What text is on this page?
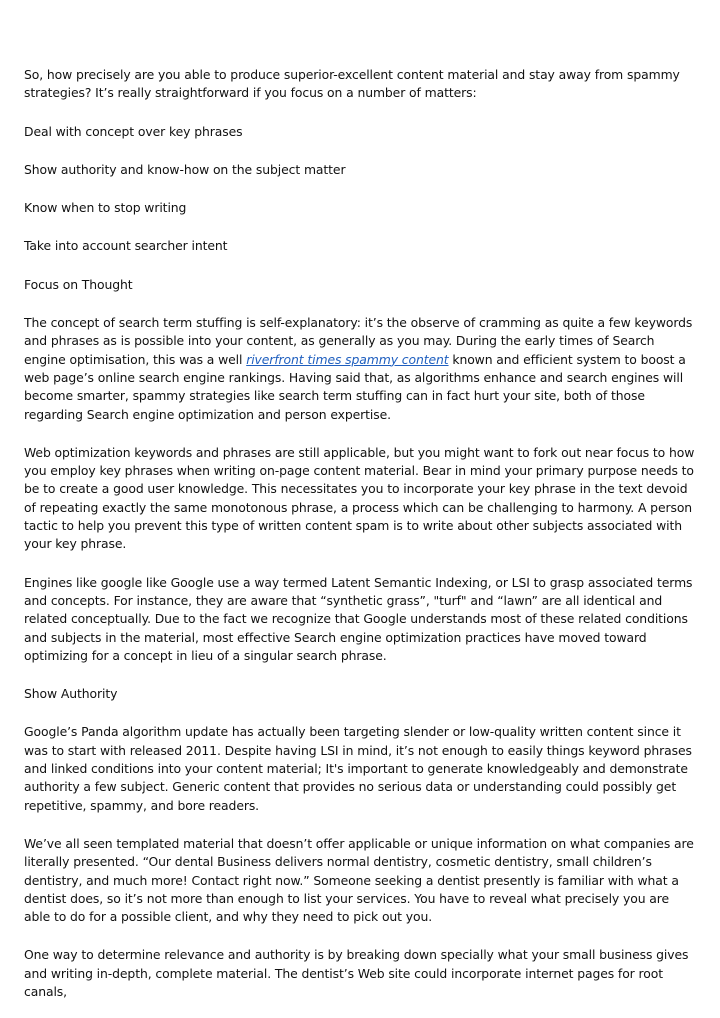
So, how precisely are you able to produce superior-excellent content material and stay away from spammy strategies? It’s really straightforward if you focus on a number of matters:

Deal with concept over key phrases

Show authority and know-how on the subject matter

Know when to stop writing

Take into account searcher intent

Focus on Thought

The concept of search term stuffing is self-explanatory: it’s the observe of cramming as quite a few keywords and phrases as is possible into your content, as generally as you may. During the early times of Search engine optimisation, this was a well riverfront times spammy content known and efficient system to boost a web page’s online search engine rankings. Having said that, as algorithms enhance and search engines will become smarter, spammy strategies like search term stuffing can in fact hurt your site, both of those regarding Search engine optimization and person expertise.

Web optimization keywords and phrases are still applicable, but you might want to fork out near focus to how you employ key phrases when writing on-page content material. Bear in mind your primary purpose needs to be to create a good user knowledge. This necessitates you to incorporate your key phrase in the text devoid of repeating exactly the same monotonous phrase, a process which can be challenging to harmony. A person tactic to help you prevent this type of written content spam is to write about other subjects associated with your key phrase.

Engines like google like Google use a way termed Latent Semantic Indexing, or LSI to grasp associated terms and concepts. For instance, they are aware that “synthetic grass”, "turf" and “lawn” are all identical and related conceptually. Due to the fact we recognize that Google understands most of these related conditions and subjects in the material, most effective Search engine optimization practices have moved toward optimizing for a concept in lieu of a singular search phrase.

Show Authority

Google’s Panda algorithm update has actually been targeting slender or low-quality written content since it was to start with released 2011. Despite having LSI in mind, it’s not enough to easily things keyword phrases and linked conditions into your content material; It's important to generate knowledgeably and demonstrate authority a few subject. Generic content that provides no serious data or understanding could possibly get repetitive, spammy, and bore readers.

We’ve all seen templated material that doesn’t offer applicable or unique information on what companies are literally presented. “Our dental Business delivers normal dentistry, cosmetic dentistry, small children’s dentistry, and much more! Contact right now.” Someone seeking a dentist presently is familiar with what a dentist does, so it’s not more than enough to list your services. You have to reveal what precisely you are able to do for a possible client, and why they need to pick out you.

One way to determine relevance and authority is by breaking down specially what your small business gives and writing in-depth, complete material. The dentist’s Web site could incorporate internet pages for root canals,
